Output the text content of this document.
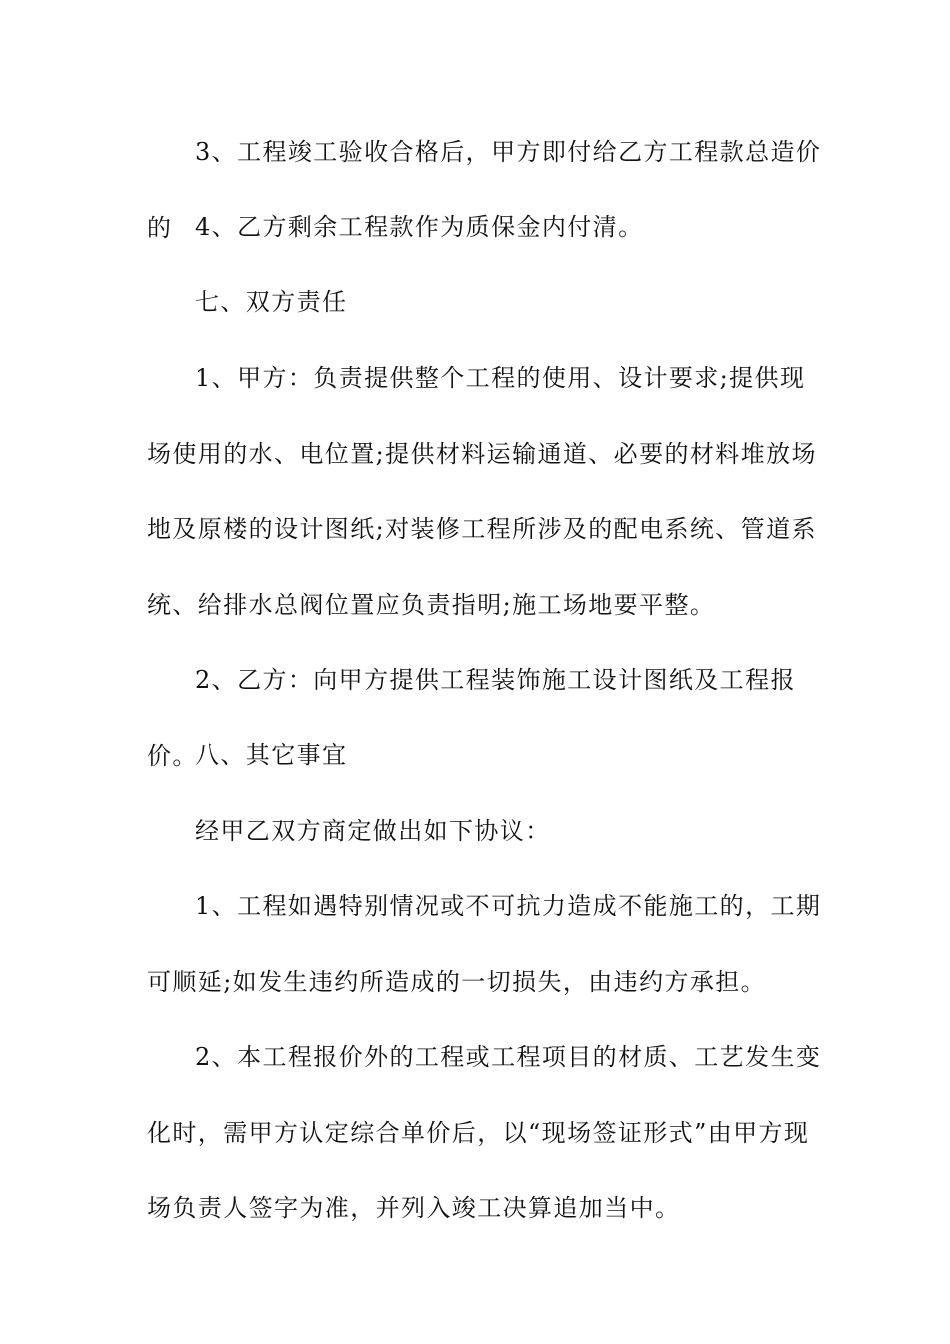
3、工程竣工验收合格后，甲方即付给乙方工程款总造价的 4、乙方剩余工程款作为质保金内付清。

七、双方责任

1、甲方：负责提供整个工程的使用、设计要求;提供现场使用的水、电位置;提供材料运输通道、必要的材料堆放场地及原楼的设计图纸;对装修工程所涉及的配电系统、管道系统、给排水总阀位置应负责指明;施工场地要平整。

2、乙方：向甲方提供工程装饰施工设计图纸及工程报价。

八、其它事宜

经甲乙双方商定做出如下协议：

1、工程如遇特别情况或不可抗力造成不能施工的，工期可顺延;如发生违约所造成的一切损失，由违约方承担。

2、本工程报价外的工程或工程项目的材质、工艺发生变化时，需甲方认定综合单价后，以“现场签证形式”由甲方现场负责人签字为准，并列入竣工决算追加当中。
